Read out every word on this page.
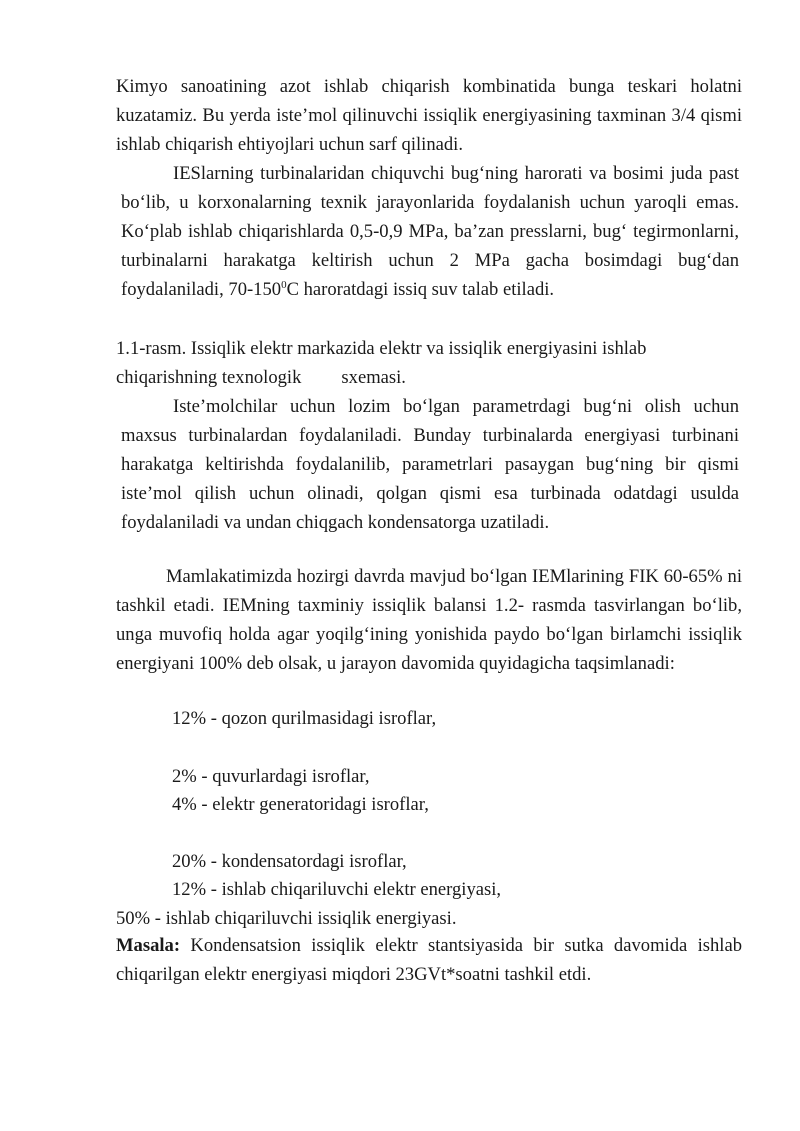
Kimyo sanoatining azot ishlab chiqarish kombinatida bunga teskari holatni kuzatamiz. Bu yerda iste’mol qilinuvchi issiqlik energiyasining taxminan 3/4 qismi ishlab chiqarish ehtiyojlari uchun sarf qilinadi.

IESlarning turbinalaridan chiquvchi bug‘ning harorati va bosimi juda past bo‘lib, u korxonalarning texnik jarayonlarida foydalanish uchun yaroqli emas. Ko‘plab ishlab chiqarishlarda 0,5-0,9 MPa, ba’zan presslarni, bug‘ tegirmonlarni, turbinalarni harakatga keltirish uchun 2 MPa gacha bosimdagi bug‘dan foydalaniladi, $70-150^0C$ haroratdagi issiq suv talab etiladi.

1.1-rasm. Issiqlik elektr markazida elektr va issiqlik energiyasini ishlab chiqarishning texnologik sxemasi.

Iste’molchilar uchun lozim bo‘lgan parametrdagi bug‘ni olish uchun maxsus turbinalardan foydalaniladi. Bunday turbinalarda energiyasi turbinani harakatga keltirishda foydalanilib, parametrlari pasaygan bug‘ning bir qismi iste’mol qilish uchun olinadi, qolgan qismi esa turbinada odatdagi usulda foydalaniladi va undan chiqgach kondensatorga uzatiladi.

Mamlakatimizda hozirgi davrda mavjud bo‘lgan IEMlarining FIK 60-65% ni tashkil etadi. IEMning taxminiy issiqlik balansi 1.2- rasmda tasvirlangan bo‘lib, unga muvofiq holda agar yoqilg‘ining yonishida paydo bo‘lgan birlamchi issiqlik energiyani 100% deb olsak, u jarayon davomida quyidagicha taqsimlanadi:

12% - qozon qurilmasidagi isroflar,

2% - quvurlardagi isroflar,

4% - elektr generatoridagi isroflar,

20% - kondensatordagi isroflar,

12% - ishlab chiqariluvchi elektr energiyasi,

50% - ishlab chiqariluvchi issiqlik energiyasi.

Masala: Kondensatsion issiqlik elektr stantsiyasida bir sutka davomida ishlab chiqarilgan elektr energiyasi miqdori 23GVt*soatni tashkil etdi.
